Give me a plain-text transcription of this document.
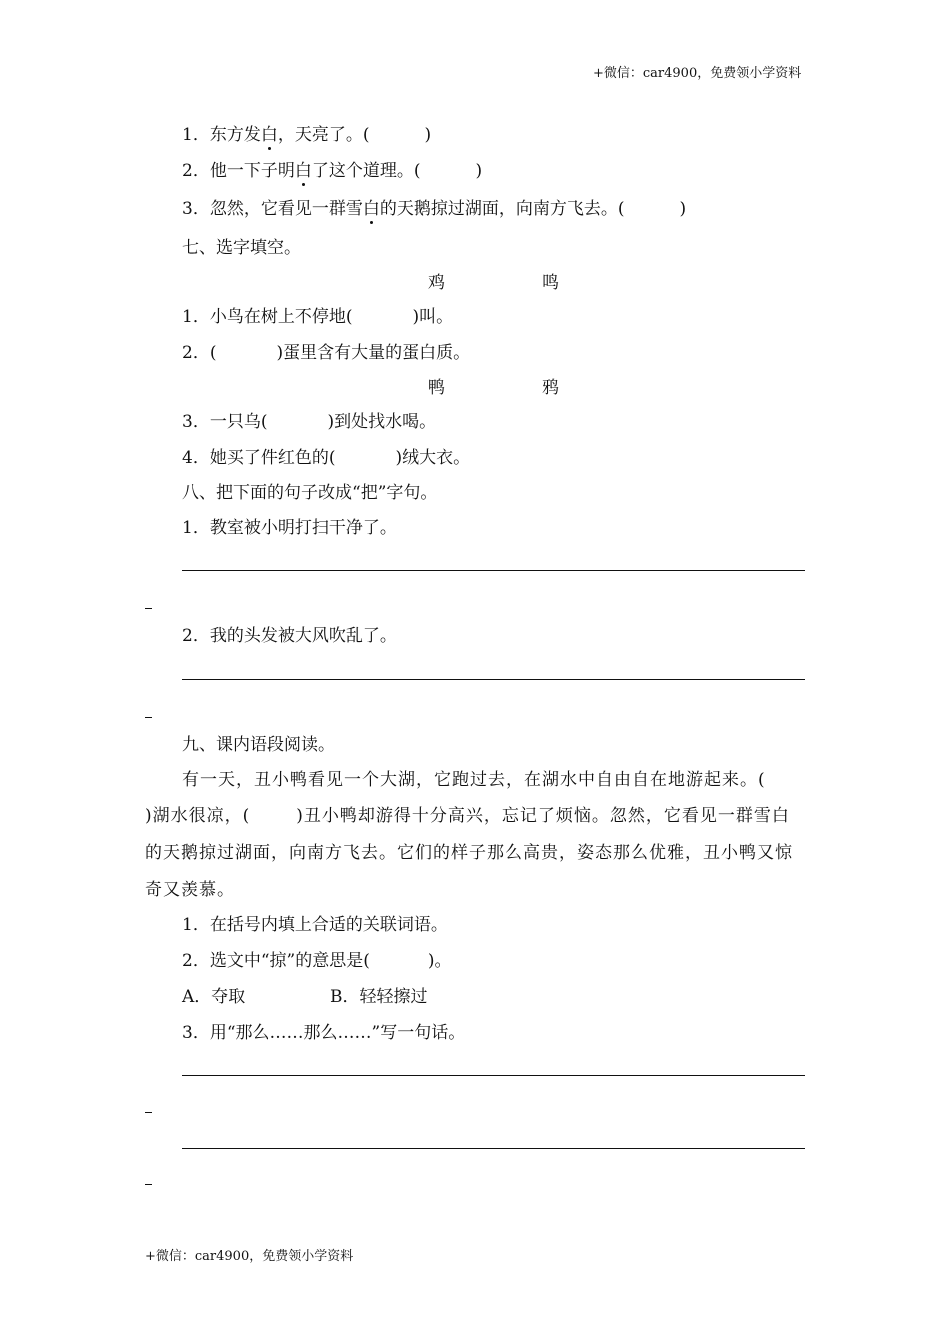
+微信：car4900，免费领小学资料
1．东方发白，天亮了。(	)
2．他一下子明白了这个道理。(	)
3．忽然，它看见一群雪白的天鹅掠过湖面，向南方飞去。(	)
七、选字填空。
鸡	鸣
1．小鸟在树上不停地(	)叫。
2．(	)蛋里含有大量的蛋白质。
鸭	鸦
3．一只乌(	)到处找水喝。
4．她买了件红色的(	)绒大衣。
八、把下面的句子改成“把”字句。
1．教室被小明打扫干净了。
2．我的头发被大风吹乱了。
九、课内语段阅读。
有一天，丑小鸭看见一个大湖，它跑过去，在湖水中自由自在地游起来。(
)湖水很凉，(	)丑小鸭却游得十分高兴，忘记了烦恼。忽然，它看见一群雪白
的天鹅掠过湖面，向南方飞去。它们的样子那么高贵，姿态那么优雅，丑小鸭又惊
奇又羡慕。
1．在括号内填上合适的关联词语。
2．选文中“掠”的意思是(	)。
A．夺取	B．轻轻擦过
3．用“那么……那么……”写一句话。
+微信：car4900，免费领小学资料
